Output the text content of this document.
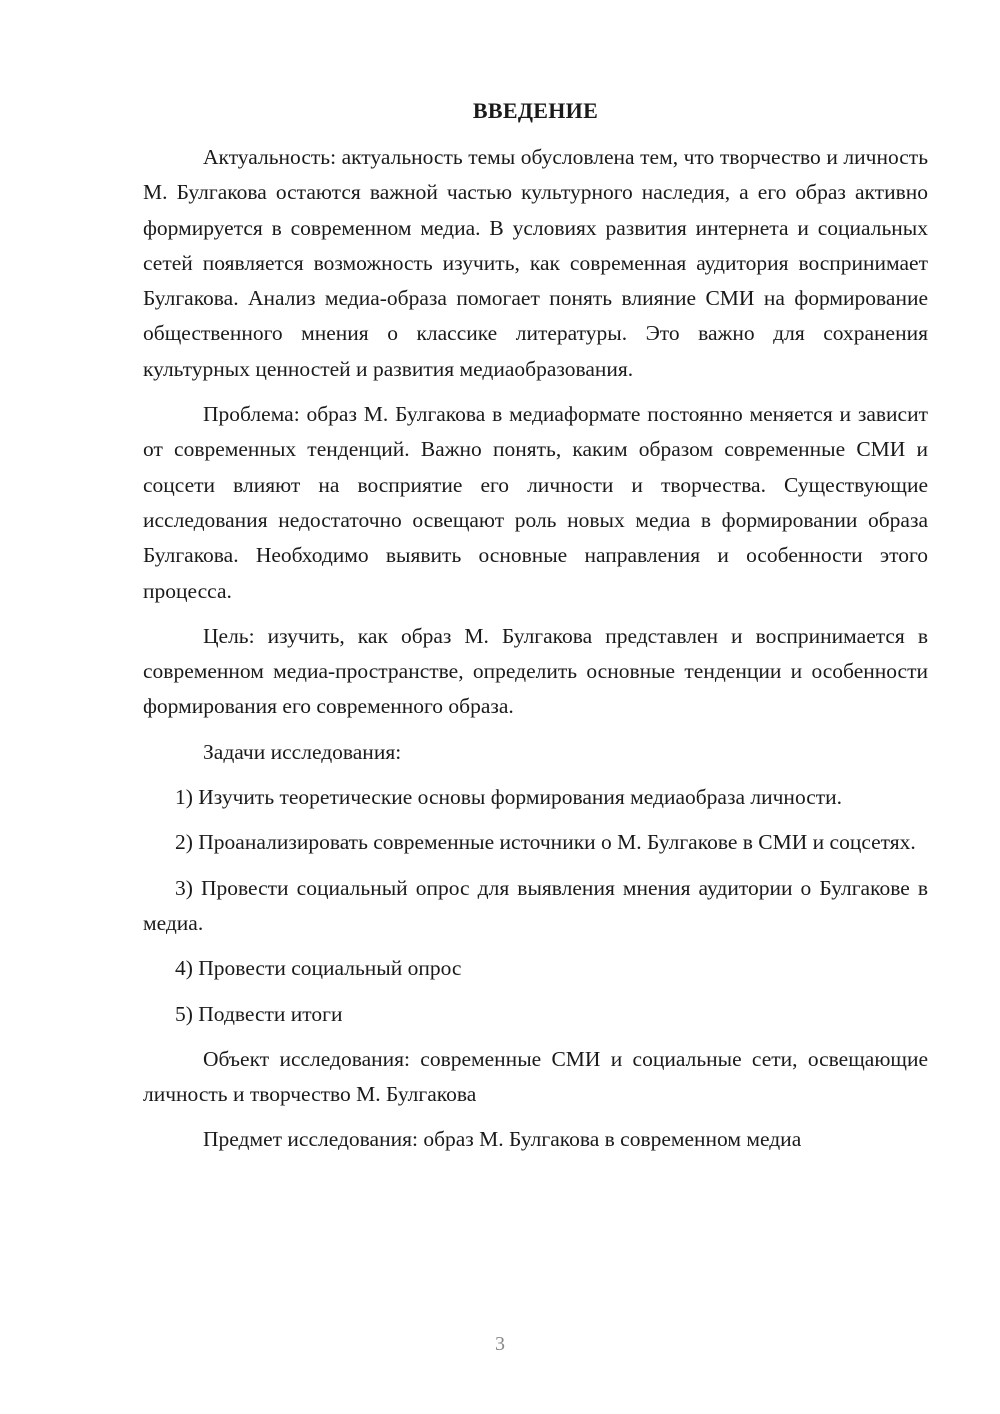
ВВЕДЕНИЕ

Актуальность: актуальность темы обусловлена тем, что творчество и личность М. Булгакова остаются важной частью культурного наследия, а его образ активно формируется в современном медиа. В условиях развития интернета и социальных сетей появляется возможность изучить, как современная аудитория воспринимает Булгакова. Анализ медиа-образа помогает понять влияние СМИ на формирование общественного мнения о классике литературы. Это важно для сохранения культурных ценностей и развития медиаобразования.

Проблема: образ М. Булгакова в медиаформате постоянно меняется и зависит от современных тенденций. Важно понять, каким образом современные СМИ и соцсети влияют на восприятие его личности и творчества. Существующие исследования недостаточно освещают роль новых медиа в формировании образа Булгакова. Необходимо выявить основные направления и особенности этого процесса.

Цель: изучить, как образ М. Булгакова представлен и воспринимается в современном медиа-пространстве, определить основные тенденции и особенности формирования его современного образа.

Задачи исследования:

1) Изучить теоретические основы формирования медиаобраза личности.

2) Проанализировать современные источники о М. Булгакове в СМИ и соцсетях.

3) Провести социальный опрос для выявления мнения аудитории о Булгакове в медиа.

4) Провести социальный опрос

5) Подвести итоги

Объект исследования: современные СМИ и социальные сети, освещающие личность и творчество М. Булгакова

Предмет исследования: образ М. Булгакова в современном медиа

3
